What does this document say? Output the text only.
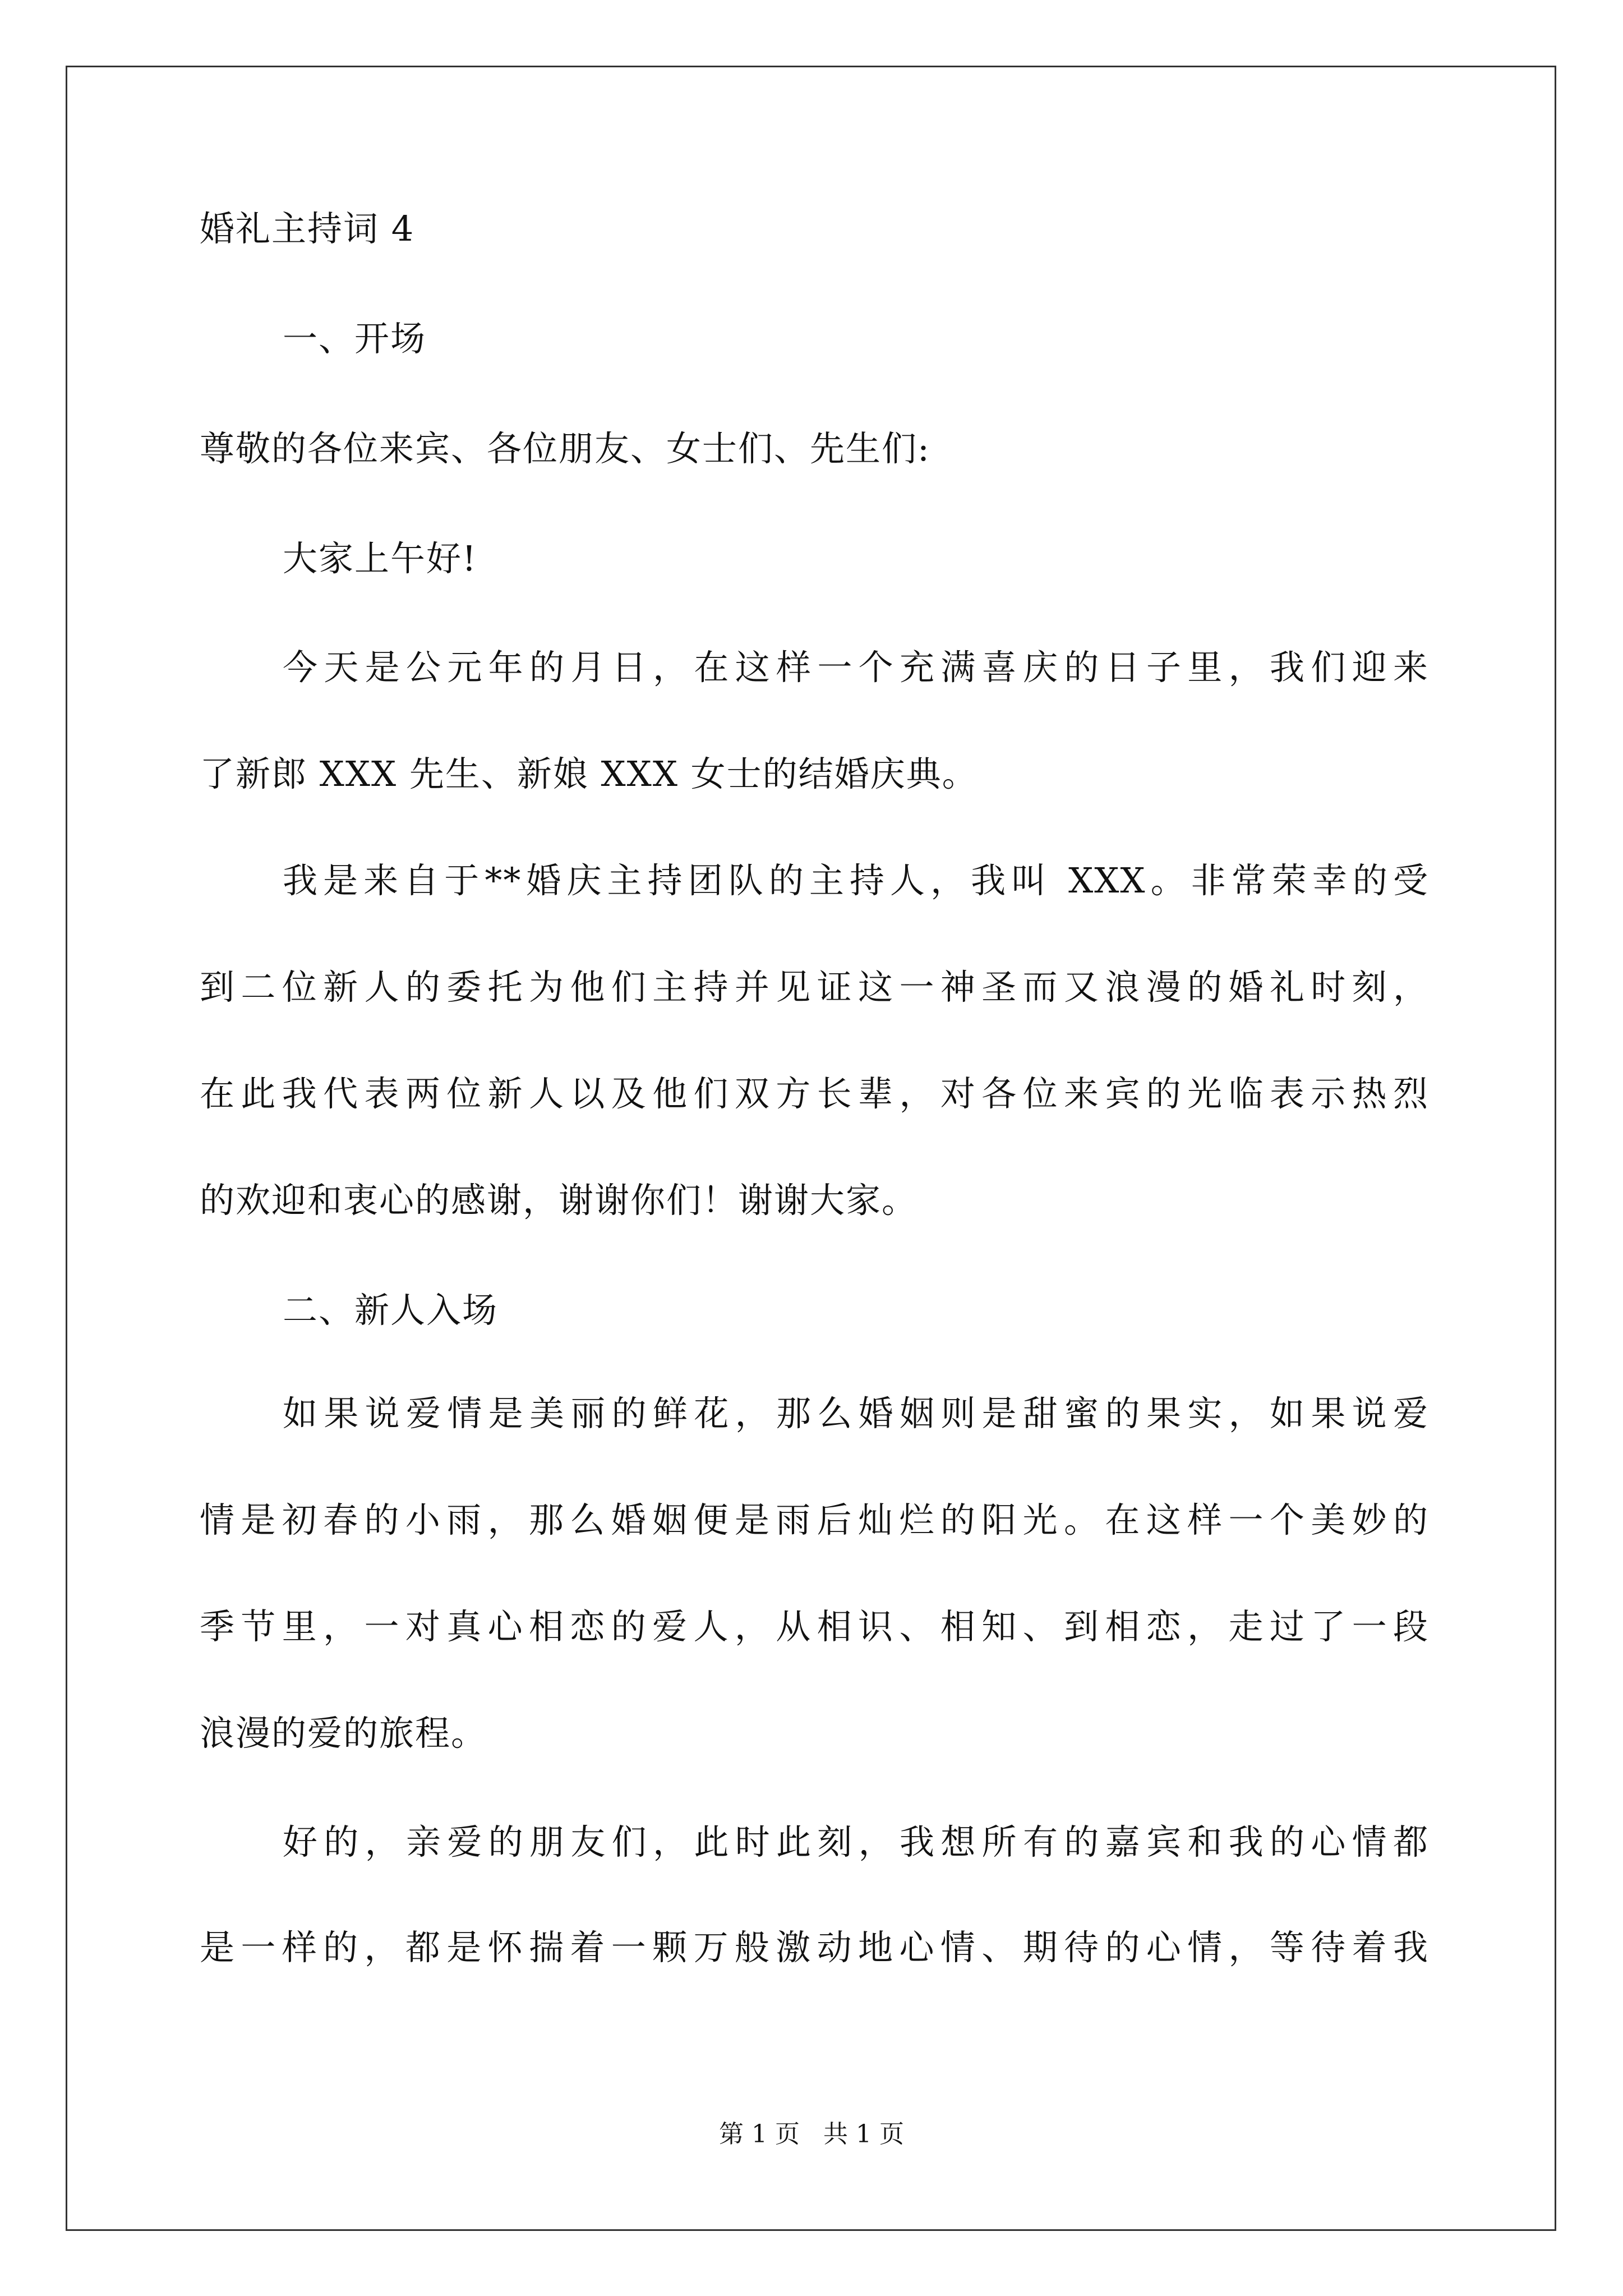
婚礼主持词 4
一、开场
尊敬的各位来宾、各位朋友、女士们、先生们:
大家上午好!
今天是公元年的月日，在这样一个充满喜庆的日子里，我们迎来
了新郎 XXX 先生、新娘 XXX 女士的结婚庆典。
我是来自于**婚庆主持团队的主持人，我叫 XXX。非常荣幸的受
到二位新人的委托为他们主持并见证这一神圣而又浪漫的婚礼时刻，
在此我代表两位新人以及他们双方长辈，对各位来宾的光临表示热烈
的欢迎和衷心的感谢，谢谢你们！谢谢大家。
二、新人入场
如果说爱情是美丽的鲜花，那么婚姻则是甜蜜的果实，如果说爱
情是初春的小雨，那么婚姻便是雨后灿烂的阳光。在这样一个美妙的
季节里，一对真心相恋的爱人，从相识、相知、到相恋，走过了一段
浪漫的爱的旅程。
好的，亲爱的朋友们，此时此刻，我想所有的嘉宾和我的心情都
是一样的，都是怀揣着一颗万般激动地心情、期待的心情，等待着我
第 1 页   共 1 页
